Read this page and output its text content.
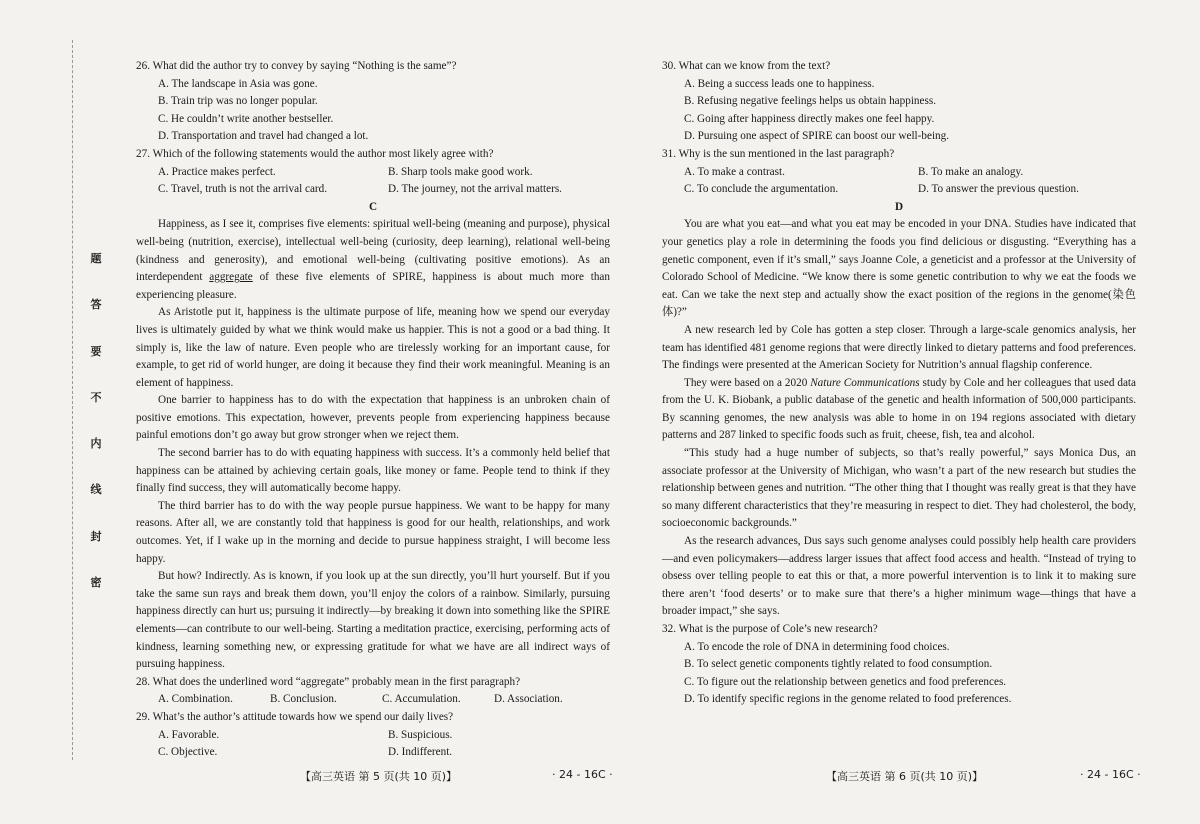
题
答
要
不
内
线
封
密

26. What did the author try to convey by saying “Nothing is the same”?

A. The landscape in Asia was gone.

B. Train trip was no longer popular.

C. He couldn’t write another bestseller.

D. Transportation and travel had changed a lot.

27. Which of the following statements would the author most likely agree with?

A. Practice makes perfect.	B. Sharp tools make good work.
C. Travel, truth is not the arrival card.	D. The journey, not the arrival matters.

C

Happiness, as I see it, comprises five elements: spiritual well-being (meaning and purpose), physical well-being (nutrition, exercise), intellectual well-being (curiosity, deep learning), relational well-being (kindness and generosity), and emotional well-being (cultivating positive emotions). As an interdependent aggregate of these five elements of SPIRE, happiness is about much more than experiencing pleasure.

As Aristotle put it, happiness is the ultimate purpose of life, meaning how we spend our everyday lives is ultimately guided by what we think would make us happier. This is not a good or a bad thing. It simply is, like the law of nature. Even people who are tirelessly working for an important cause, for example, to get rid of world hunger, are doing it because they find their work meaningful. Meaning is an element of happiness.

One barrier to happiness has to do with the expectation that happiness is an unbroken chain of positive emotions. This expectation, however, prevents people from experiencing happiness because painful emotions don’t go away but grow stronger when we reject them.

The second barrier has to do with equating happiness with success. It’s a commonly held belief that happiness can be attained by achieving certain goals, like money or fame. People tend to think if they finally find success, they will automatically become happy.

The third barrier has to do with the way people pursue happiness. We want to be happy for many reasons. After all, we are constantly told that happiness is good for our health, relationships, and work outcomes. Yet, if I wake up in the morning and decide to pursue happiness straight, I will become less happy.

But how? Indirectly. As is known, if you look up at the sun directly, you’ll hurt yourself. But if you take the same sun rays and break them down, you’ll enjoy the colors of a rainbow. Similarly, pursuing happiness directly can hurt us; pursuing it indirectly—by breaking it down into something like the SPIRE elements—can contribute to our well-being. Starting a meditation practice, exercising, performing acts of kindness, learning something new, or expressing gratitude for what we have are all indirect ways of pursuing happiness.

28. What does the underlined word “aggregate” probably mean in the first paragraph?

A. Combination.	B. Conclusion.	C. Accumulation.	D. Association.

29. What’s the author’s attitude towards how we spend our daily lives?

A. Favorable.	B. Suspicious.
C. Objective.	D. Indifferent.

30. What can we know from the text?

A. Being a success leads one to happiness.

B. Refusing negative feelings helps us obtain happiness.

C. Going after happiness directly makes one feel happy.

D. Pursuing one aspect of SPIRE can boost our well-being.

31. Why is the sun mentioned in the last paragraph?

A. To make a contrast.	B. To make an analogy.
C. To conclude the argumentation.	D. To answer the previous question.

D

You are what you eat—and what you eat may be encoded in your DNA. Studies have indicated that your genetics play a role in determining the foods you find delicious or disgusting. “Everything has a genetic component, even if it’s small,” says Joanne Cole, a geneticist and a professor at the University of Colorado School of Medicine. “We know there is some genetic contribution to why we eat the foods we eat. Can we take the next step and actually show the exact position of the regions in the genome(染色体)?”

A new research led by Cole has gotten a step closer. Through a large-scale genomics analysis, her team has identified 481 genome regions that were directly linked to dietary patterns and food preferences. The findings were presented at the American Society for Nutrition’s annual flagship conference.

They were based on a 2020 Nature Communications study by Cole and her colleagues that used data from the U. K. Biobank, a public database of the genetic and health information of 500,000 participants. By scanning genomes, the new analysis was able to home in on 194 regions associated with dietary patterns and 287 linked to specific foods such as fruit, cheese, fish, tea and alcohol.

“This study had a huge number of subjects, so that’s really powerful,” says Monica Dus, an associate professor at the University of Michigan, who wasn’t a part of the new research but studies the relationship between genes and nutrition. “The other thing that I thought was really great is that they have so many different characteristics that they’re measuring in respect to diet. They had cholesterol, the body, socioeconomic backgrounds.”

As the research advances, Dus says such genome analyses could possibly help health care providers—and even policymakers—address larger issues that affect food access and health. “Instead of trying to obsess over telling people to eat this or that, a more powerful intervention is to link it to making sure there aren’t ‘food deserts’ or to make sure that there’s a higher minimum wage—things that have a broader impact,” she says.

32. What is the purpose of Cole’s new research?

A. To encode the role of DNA in determining food choices.

B. To select genetic components tightly related to food consumption.

C. To figure out the relationship between genetics and food preferences.

D. To identify specific regions in the genome related to food preferences.

【高三英语 第 5 页(共 10 页)】	· 24 - 16C ·	【高三英语 第 6 页(共 10 页)】	· 24 - 16C ·
